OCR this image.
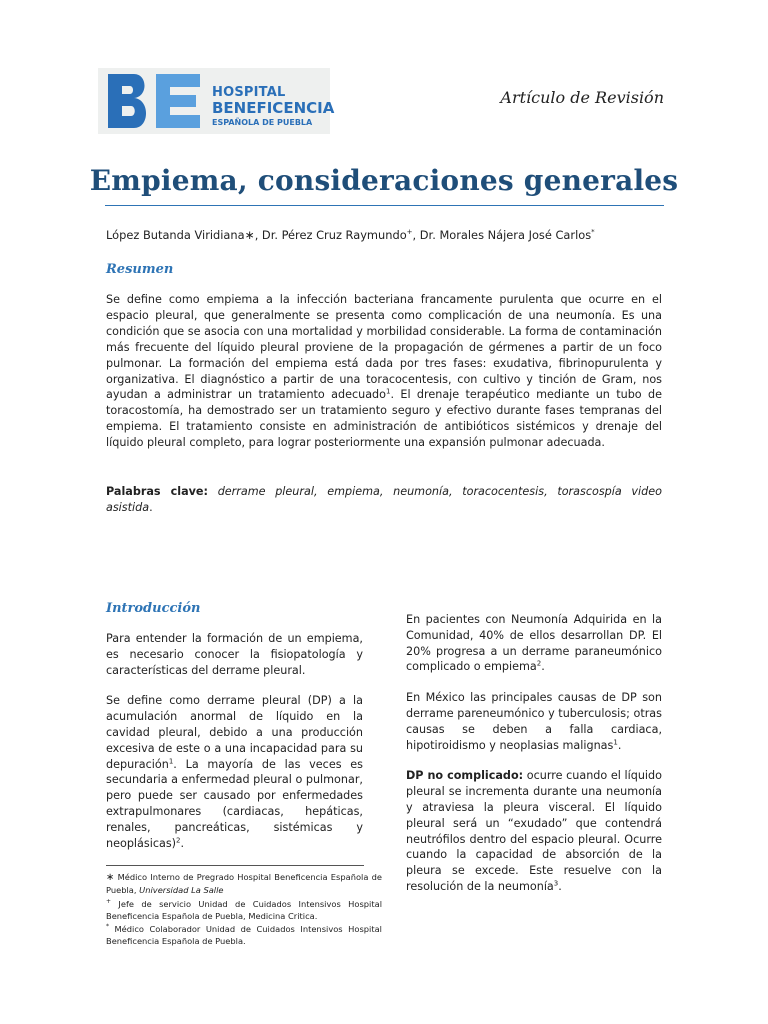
HOSPITAL
BENEFICENCIA
ESPAÑOLA DE PUEBLA
Artículo de Revisión
Empiema, consideraciones generales
López Butanda Viridiana∗, Dr. Pérez Cruz Raymundo+, Dr. Morales Nájera José Carlos*
Resumen
Se define como empiema a la infección bacteriana francamente purulenta que ocurre en el espacio pleural, que generalmente se presenta como complicación de una neumonía. Es una condición que se asocia con una mortalidad y morbilidad considerable. La forma de contaminación más frecuente del líquido pleural proviene de la propagación de gérmenes a partir de un foco pulmonar. La formación del empiema está dada por tres fases: exudativa, fibrinopurulenta y organizativa. El diagnóstico a partir de una toracocentesis, con cultivo y tinción de Gram, nos ayudan a administrar un tratamiento adecuado$^1$. El drenaje terapéutico mediante un tubo de toracostomía, ha demostrado ser un tratamiento seguro y efectivo durante fases tempranas del empiema. El tratamiento consiste en administración de antibióticos sistémicos y drenaje del líquido pleural completo, para lograr posteriormente una expansión pulmonar adecuada.
Palabras clave: derrame pleural, empiema, neumonía, toracocentesis, torascospía video asistida.
Introducción

Para entender la formación de un empiema, es necesario conocer la fisiopatología y características del derrame pleural.

Se define como derrame pleural (DP) a la acumulación anormal de líquido en la cavidad pleural, debido a una producción excesiva de este o a una incapacidad para su depuración$^1$. La mayoría de las veces es secundaria a enfermedad pleural o pulmonar, pero puede ser causado por enfermedades extrapulmonares (cardiacas, hepáticas, renales, pancreáticas, sistémicas y neoplásicas)$^2$.

∗ Médico Interno de Pregrado Hospital Beneficencia Española de Puebla, Universidad La Salle
+ Jefe de servicio Unidad de Cuidados Intensivos Hospital Beneficencia Española de Puebla, Medicina Critica.
* Médico Colaborador Unidad de Cuidados Intensivos Hospital Beneficencia Española de Puebla.

En pacientes con Neumonía Adquirida en la Comunidad, 40% de ellos desarrollan DP. El 20% progresa a un derrame paraneumónico complicado o empiema$^2$.

En México las principales causas de DP son derrame pareneumónico y tuberculosis; otras causas se deben a falla cardiaca, hipotiroidismo y neoplasias malignas$^1$.

DP no complicado: ocurre cuando el líquido pleural se incrementa durante una neumonía y atraviesa la pleura visceral. El líquido pleural será un “exudado” que contendrá neutrófilos dentro del espacio pleural. Ocurre cuando la capacidad de absorción de la pleura se excede. Este resuelve con la resolución de la neumonía$^3$.
